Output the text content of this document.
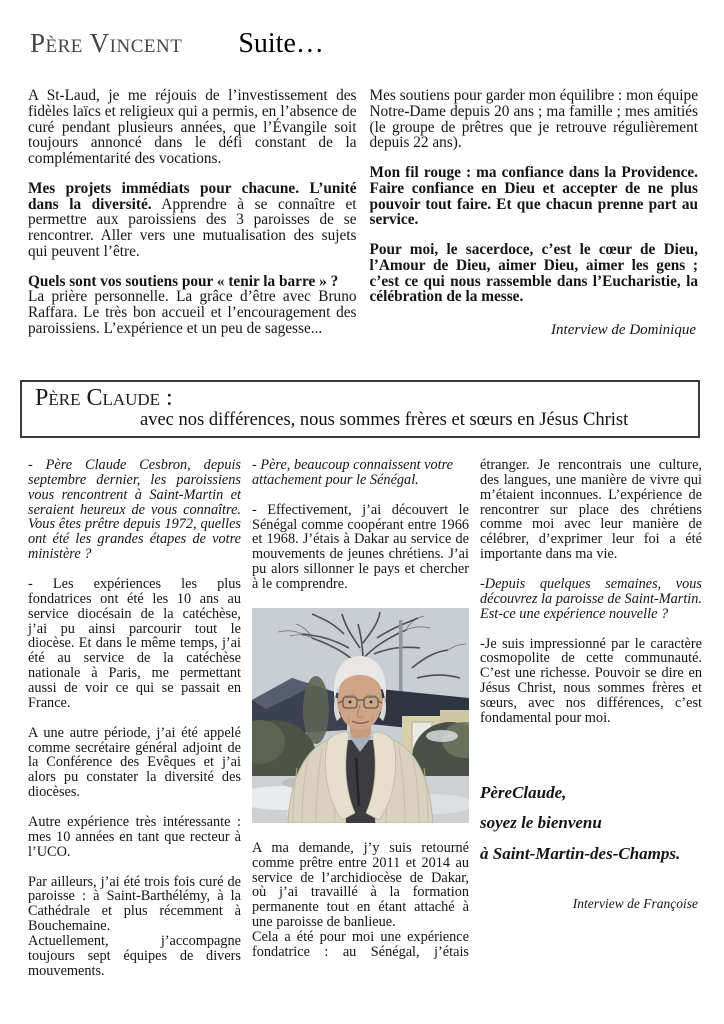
Père Vincent Suite…

A St-Laud, je me réjouis de l’investissement des fidèles laïcs et religieux qui a permis, en l’absence de curé pendant plusieurs années, que l’Évangile soit toujours annoncé dans le défi constant de la complémentarité des vocations.

Mes projets immédiats pour chacune. L’unité dans la diversité. Apprendre à se connaître et permettre aux paroissiens des 3 paroisses de se rencontrer. Aller vers une mutualisation des sujets qui peuvent l’être.

Quels sont vos soutiens pour « tenir la barre » ?
La prière personnelle. La grâce d’être avec Bruno Raffara. Le très bon accueil et l’encouragement des paroissiens. L’expérience et un peu de sagesse...

Mes soutiens pour garder mon équilibre : mon équipe Notre-Dame depuis 20 ans ; ma famille ; mes amitiés (le groupe de prêtres que je retrouve régulièrement depuis 22 ans).

Mon fil rouge : ma confiance dans la Providence. Faire confiance en Dieu et accepter de ne plus pouvoir tout faire. Et que chacun prenne part au service.

Pour moi, le sacerdoce, c’est le cœur de Dieu, l’Amour de Dieu, aimer Dieu, aimer les gens ; c’est ce qui nous rassemble dans l’Eucharistie, la célébration de la messe.

Interview de Dominique
Père Claude :
avec nos différences, nous sommes frères et sœurs en Jésus Christ

- Père Claude Cesbron, depuis septembre dernier, les paroissiens vous rencontrent à Saint-Martin et seraient heureux de vous connaître. Vous êtes prêtre depuis 1972, quelles ont été les grandes étapes de votre ministère ?

- Les expériences les plus fondatrices ont été les 10 ans au service diocésain de la catéchèse, j’ai pu ainsi parcourir tout le diocèse. Et dans le même temps, j’ai été au service de la catéchèse nationale à Paris, me permettant aussi de voir ce qui se passait en France.

A une autre période, j’ai été appelé comme secrétaire général adjoint de la Conférence des Evêques et j’ai alors pu constater la diversité des diocèses.

Autre expérience très intéressante : mes 10 années en tant que recteur à l’UCO.

Par ailleurs, j’ai été trois fois curé de paroisse : à Saint-Barthélémy, à la Cathédrale et plus récemment à Bouchemaine.

Actuellement, j’accompagne toujours sept équipes de divers mouvements.

- Père, beaucoup connaissent votre attachement pour le Sénégal.

- Effectivement, j’ai découvert le Sénégal comme coopérant entre 1966 et 1968. J’étais à Dakar au service de mouvements de jeunes chrétiens. J’ai pu alors sillonner le pays et chercher à le comprendre.

A ma demande, j’y suis retourné comme prêtre entre 2011 et 2014 au service de l’archidiocèse de Dakar, où j’ai travaillé à la formation permanente tout en étant attaché à une paroisse de banlieue.

Cela a été pour moi une expérience fondatrice : au Sénégal, j’étais

étranger. Je rencontrais une culture, des langues, une manière de vivre qui m’étaient inconnues. L’expérience de rencontrer sur place des chrétiens comme moi avec leur manière de célébrer, d’exprimer leur foi a été importante dans ma vie.

-Depuis quelques semaines, vous découvrez la paroisse de Saint-Martin. Est-ce une expérience nouvelle ?

-Je suis impressionné par le caractère cosmopolite de cette communauté. C’est une richesse. Pouvoir se dire en Jésus Christ, nous sommes frères et sœurs, avec nos différences, c’est fondamental pour moi.

PèreClaude,
soyez le bienvenu
à Saint-Martin-des-Champs.
Interview de Françoise
